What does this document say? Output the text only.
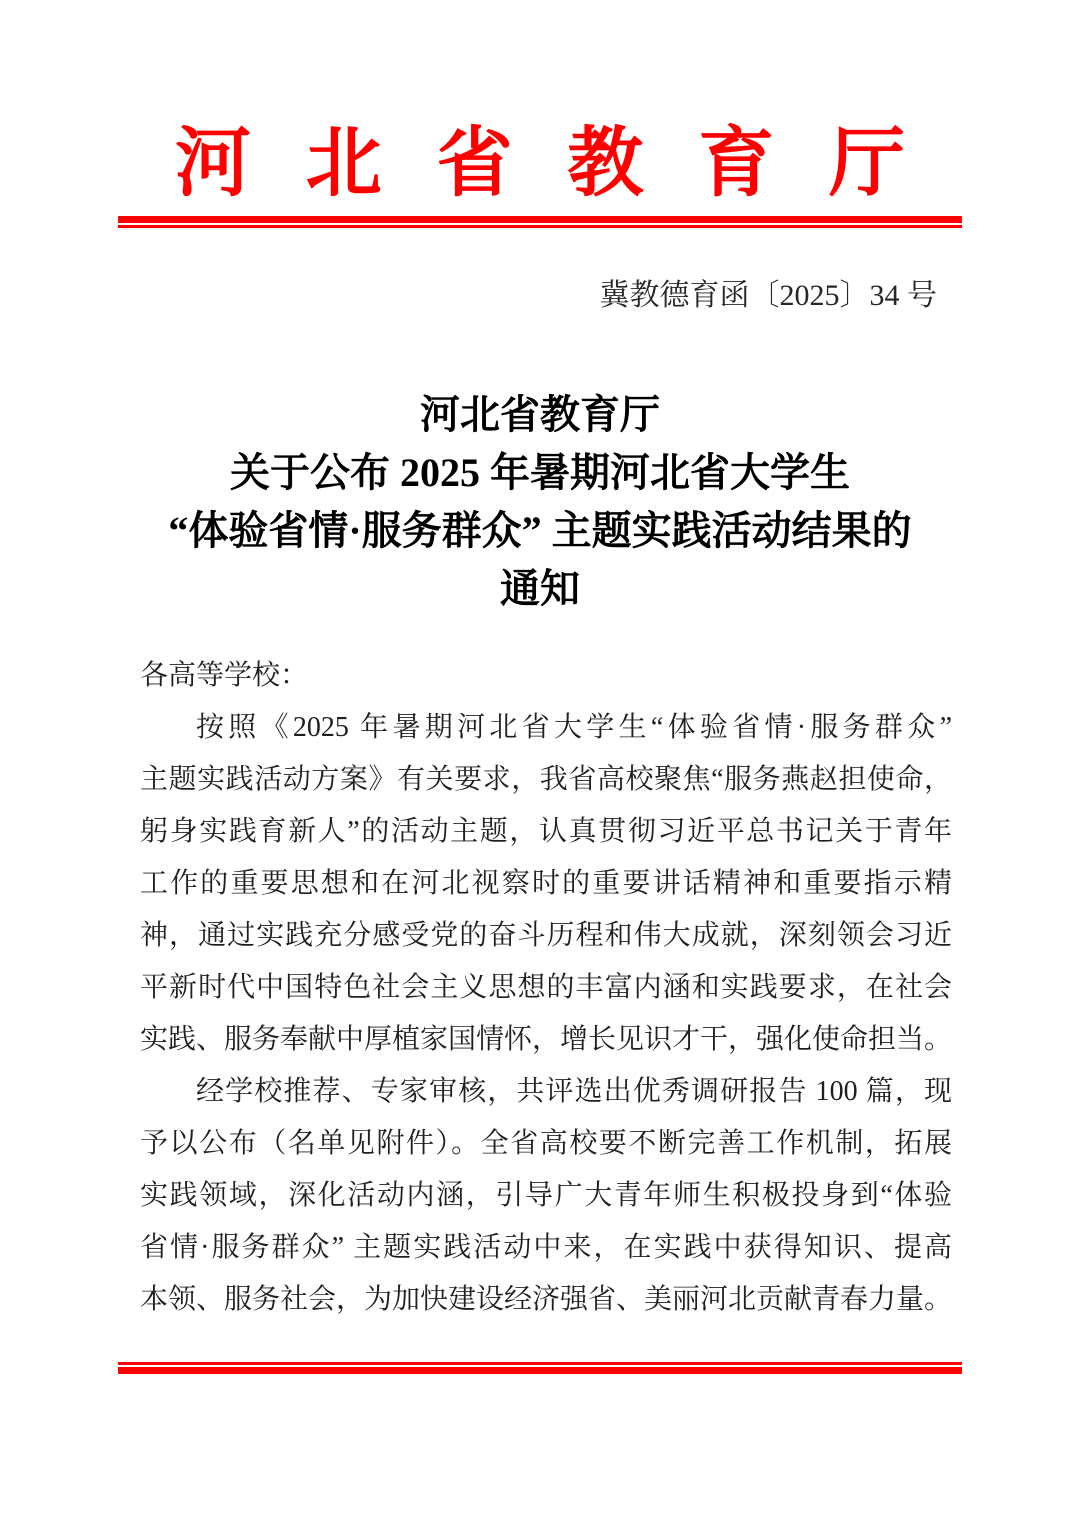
河北省教育厅
冀教德育函〔2025〕34 号
河北省教育厅
关于公布 2025 年暑期河北省大学生
“体验省情·服务群众” 主题实践活动结果的
通知
各高等学校：
按照《2025 年暑期河北省大学生“体验省情·服务群众”
主题实践活动方案》有关要求，我省高校聚焦“服务燕赵担使命，
躬身实践育新人”的活动主题，认真贯彻习近平总书记关于青年
工作的重要思想和在河北视察时的重要讲话精神和重要指示精
神，通过实践充分感受党的奋斗历程和伟大成就，深刻领会习近
平新时代中国特色社会主义思想的丰富内涵和实践要求，在社会
实践、服务奉献中厚植家国情怀，增长见识才干，强化使命担当。
经学校推荐、专家审核，共评选出优秀调研报告 100 篇，现
予以公布（名单见附件）。全省高校要不断完善工作机制，拓展
实践领域，深化活动内涵，引导广大青年师生积极投身到“体验
省情·服务群众” 主题实践活动中来，在实践中获得知识、提高
本领、服务社会，为加快建设经济强省、美丽河北贡献青春力量。
